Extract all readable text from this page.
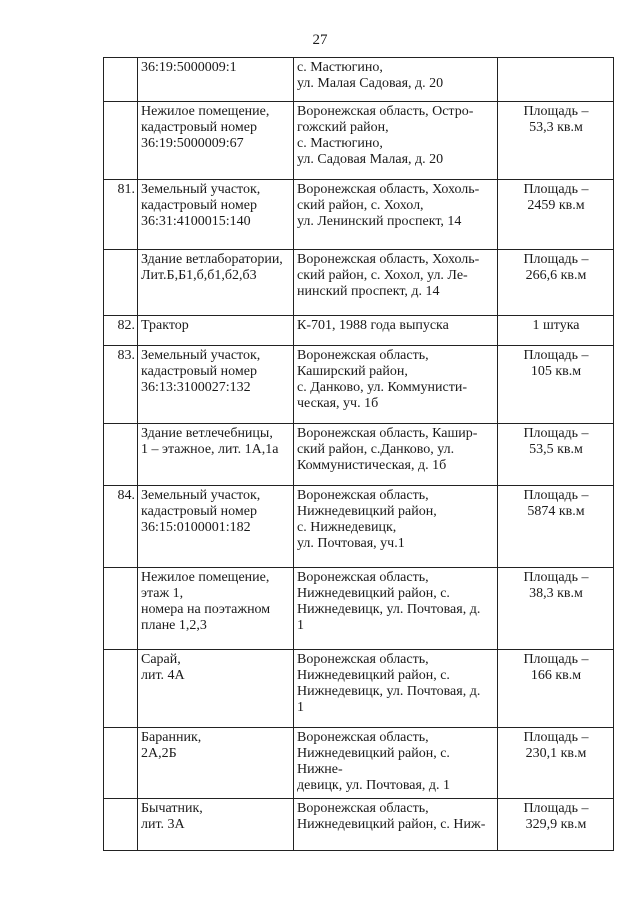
27
	36:19:5000009:1	с. Мастюгино,
ул. Малая Садовая, д. 20	
	Нежилое помещение,
кадастровый номер
36:19:5000009:67	Воронежская область, Остро-
гожский район,
с. Мастюгино,
ул. Садовая Малая, д. 20	Площадь –
53,3 кв.м
81.	Земельный участок,
кадастровый номер
36:31:4100015:140	Воронежская область, Хохоль-
ский район, с. Хохол,
ул. Ленинский проспект, 14	Площадь –
2459 кв.м
	Здание ветлаборатории,
Лит.Б,Б1,б,б1,б2,б3	Воронежская область, Хохоль-
ский район, с. Хохол, ул. Ле-
нинский проспект, д. 14	Площадь –
266,6 кв.м
82.	Трактор	К-701, 1988 года выпуска	1 штука
83.	Земельный участок,
кадастровый номер
36:13:3100027:132	Воронежская область,
Каширский район,
с. Данково, ул. Коммунисти-
ческая, уч. 1б	Площадь –
105 кв.м
	Здание ветлечебницы,
1 – этажное, лит. 1А,1а	Воронежская область, Кашир-
ский район, с.Данково, ул.
Коммунистическая, д. 1б	Площадь –
53,5 кв.м
84.	Земельный участок,
кадастровый номер
36:15:0100001:182	Воронежская область,
Нижнедевицкий район,
с. Нижнедевицк,
ул. Почтовая, уч.1	Площадь –
5874 кв.м
	Нежилое помещение,
этаж 1,
номера на поэтажном
плане 1,2,3	Воронежская область,
Нижнедевицкий район, с.
Нижнедевицк, ул. Почтовая, д.
1	Площадь –
38,3 кв.м
	Сарай,
лит. 4А	Воронежская область,
Нижнедевицкий район, с.
Нижнедевицк, ул. Почтовая, д.
1	Площадь –
166 кв.м
	Баранник,
2А,2Б	Воронежская область,
Нижнедевицкий район, с. Нижне-
девицк, ул. Почтовая, д. 1	Площадь –
230,1 кв.м
	Бычатник,
лит. 3А	Воронежская область,
Нижнедевицкий район, с. Ниж-	Площадь –
329,9 кв.м
